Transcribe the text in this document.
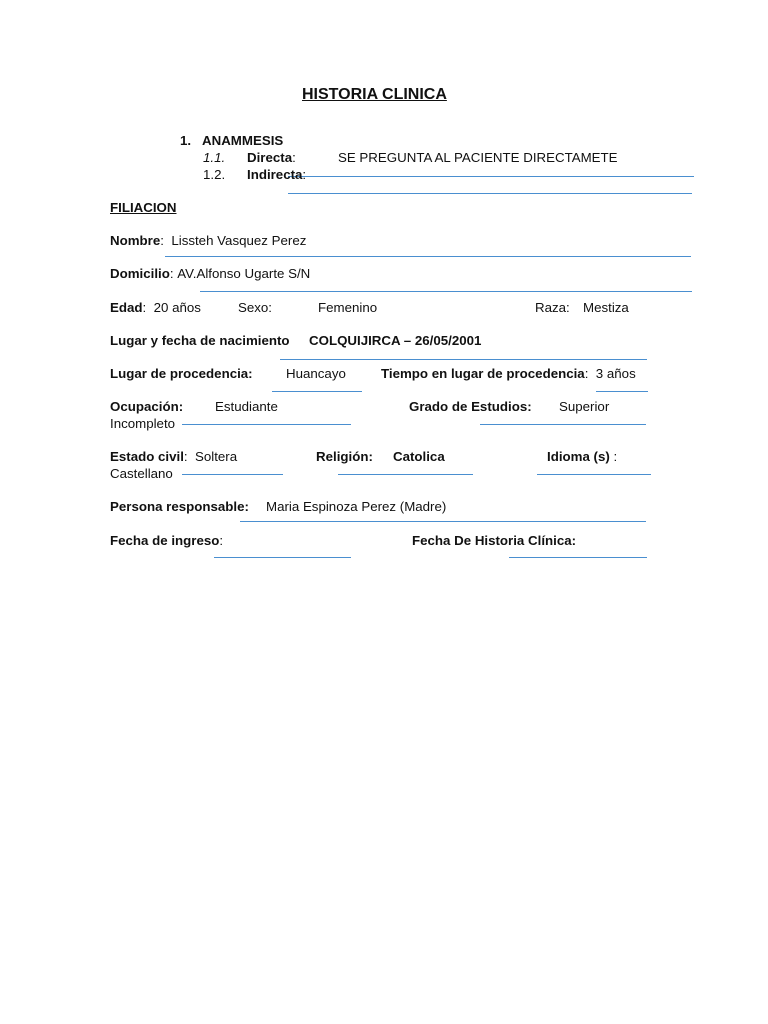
HISTORIA CLINICA
1. ANAMMESIS
1.1. Directa:	SE PREGUNTA AL PACIENTE DIRECTAMETE
1.2. Indirecta:
FILIACION
Nombre: Lissteh Vasquez Perez
Domicilio: AV.Alfonso Ugarte S/N
Edad: 20 años	Sexo:	Femenino	Raza: Mestiza
Lugar y fecha de nacimiento COLQUIJIRCA – 26/05/2001
Lugar de procedencia:	Huancayo	Tiempo en lugar de procedencia: 3 años
Ocupación: Estudiante	Grado de Estudios: Superior
Incompleto
Estado civil: Soltera	Religión: Catolica	Idioma (s) :
Castellano
Persona responsable: Maria Espinoza Perez (Madre)
Fecha de ingreso:	Fecha De Historia Clínica:
